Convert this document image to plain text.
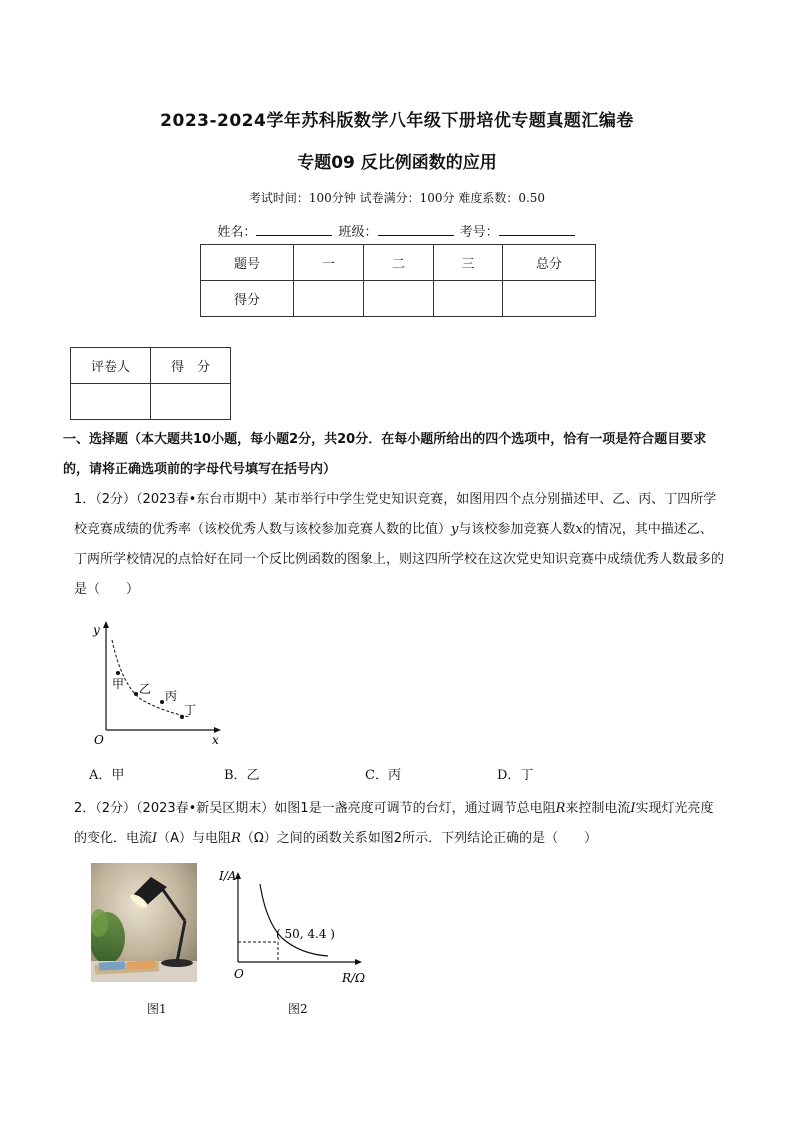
2023-2024学年苏科版数学八年级下册培优专题真题汇编卷
专题09 反比例函数的应用
考试时间：100分钟 试卷满分：100分 难度系数：0.50
姓名：	班级：	考号：
题号	一	二	三	总分
得分				
评卷人	得　分

一、选择题（本大题共10小题，每小题2分，共20分．在每小题所给出的四个选项中，恰有一项是符合题目要求的，请将正确选项前的字母代号填写在括号内）
1．（2分）（2023春•东台市期中）某市举行中学生党史知识竞赛，如图用四个点分别描述甲、乙、丙、丁四所学校竞赛成绩的优秀率（该校优秀人数与该校参加竞赛人数的比值）y与该校参加竞赛人数x的情况，其中描述乙、丁两所学校情况的点恰好在同一个反比例函数的图象上，则这四所学校在这次党史知识竞赛中成绩优秀人数最多的是（　　）
甲 乙 丙
丁
y
x
O
A．甲	B．乙	C．丙	D．丁
2．（2分）（2023春•新吴区期末）如图1是一盏亮度可调节的台灯，通过调节总电阻R来控制电流I实现灯光亮度的变化．电流I（A）与电阻R（Ω）之间的函数关系如图2所示．下列结论正确的是（　　）
图1
( 50, 4.4 )
I/A
R/Ω
O
图2
